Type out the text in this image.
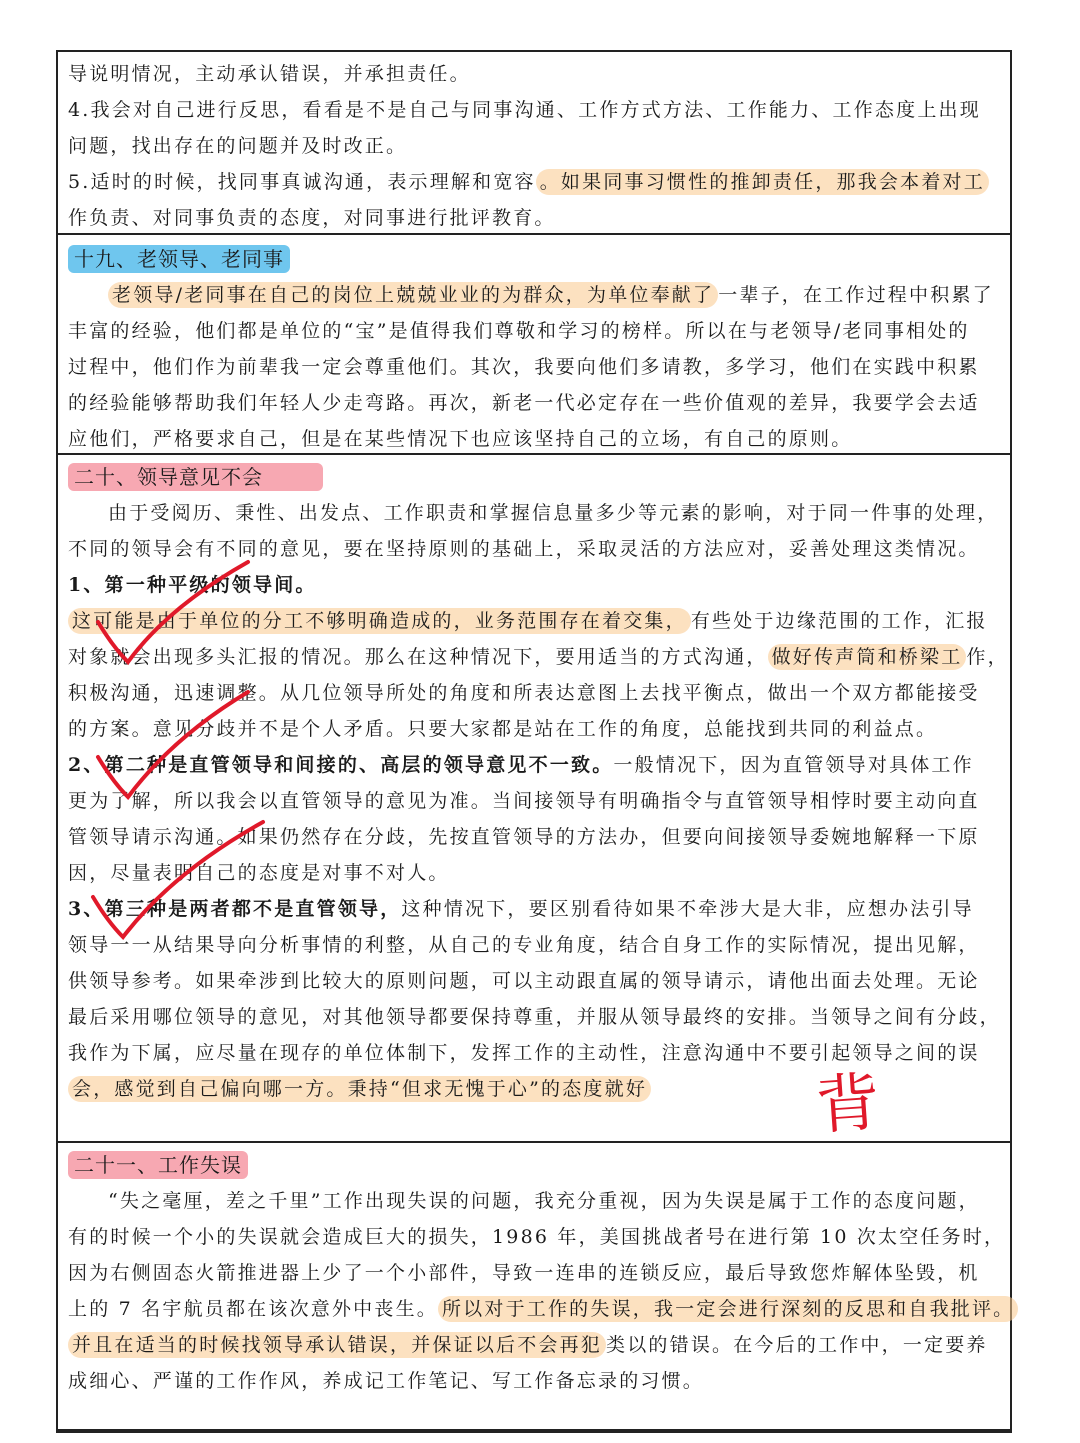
导说明情况，主动承认错误，并承担责任。
4.我会对自己进行反思，看看是不是自己与同事沟通、工作方式方法、工作能力、工作态度上出现
问题，找出存在的问题并及时改正。
5.适时的时候，找同事真诚沟通，表示理解和宽容 。如果同事习惯性的推卸责任，那我会本着对工
作负责、对同事负责的态度，对同事进行批评教育。
十九、老领导、老同事
老领导/老同事在自己的岗位上兢兢业业的为群众，为单位奉献了 一辈子，在工作过程中积累了
丰富的经验，他们都是单位的“宝”是值得我们尊敬和学习的榜样。所以在与老领导/老同事相处的
过程中，他们作为前辈我一定会尊重他们。其次，我要向他们多请教，多学习，他们在实践中积累
的经验能够帮助我们年轻人少走弯路。再次，新老一代必定存在一些价值观的差异，我要学会去适
应他们，严格要求自己，但是在某些情况下也应该坚持自己的立场，有自己的原则。
二十、领导意见不会
由于受阅历、秉性、出发点、工作职责和掌握信息量多少等元素的影响，对于同一件事的处理，
不同的领导会有不同的意见，要在坚持原则的基础上，采取灵活的方法应对，妥善处理这类情况。
1、第一种平级的领导间。
这可能是由于单位的分工不够明确造成的，业务范围存在着交集， 有些处于边缘范围的工作，汇报
对象就会出现多头汇报的情况。那么在这种情况下，要用适当的方式沟通， 做好传声筒和桥梁工 作，
积极沟通，迅速调整。从几位领导所处的角度和所表达意图上去找平衡点，做出一个双方都能接受
的方案。意见分歧并不是个人矛盾。只要大家都是站在工作的角度，总能找到共同的利益点。
2、第二种是直管领导和间接的、高层的领导意见不一致。一般情况下，因为直管领导对具体工作
更为了解，所以我会以直管领导的意见为准。当间接领导有明确指令与直管领导相悖时要主动向直
管领导请示沟通。如果仍然存在分歧，先按直管领导的方法办，但要向间接领导委婉地解释一下原
因，尽量表明自己的态度是对事不对人。
3、第三种是两者都不是直管领导，这种情况下，要区别看待如果不牵涉大是大非，应想办法引导
领导一一从结果导向分析事情的利整，从自己的专业角度，结合自身工作的实际情况，提出见解，
供领导参考。如果牵涉到比较大的原则问题，可以主动跟直属的领导请示，请他出面去处理。无论
最后采用哪位领导的意见，对其他领导都要保持尊重，并服从领导最终的安排。当领导之间有分歧，
我作为下属，应尽量在现存的单位体制下，发挥工作的主动性，注意沟通中不要引起领导之间的误
会，感觉到自己偏向哪一方。秉持“但求无愧于心”的态度就好	背
二十一、工作失误
“失之毫厘，差之千里”工作出现失误的问题，我充分重视，因为失误是属于工作的态度问题，
有的时候一个小的失误就会造成巨大的损失，1986 年，美国挑战者号在进行第 10 次太空任务时，
因为右侧固态火箭推进器上少了一个小部件，导致一连串的连锁反应，最后导致您炸解体坠毁，机
上的 7 名宇航员都在该次意外中丧生。 所以对于工作的失误，我一定会进行深刻的反思和自我批评。
并且在适当的时候找领导承认错误，并保证以后不会再犯 类以的错误。在今后的工作中，一定要养
成细心、严谨的工作作风，养成记工作笔记、写工作备忘录的习惯。
